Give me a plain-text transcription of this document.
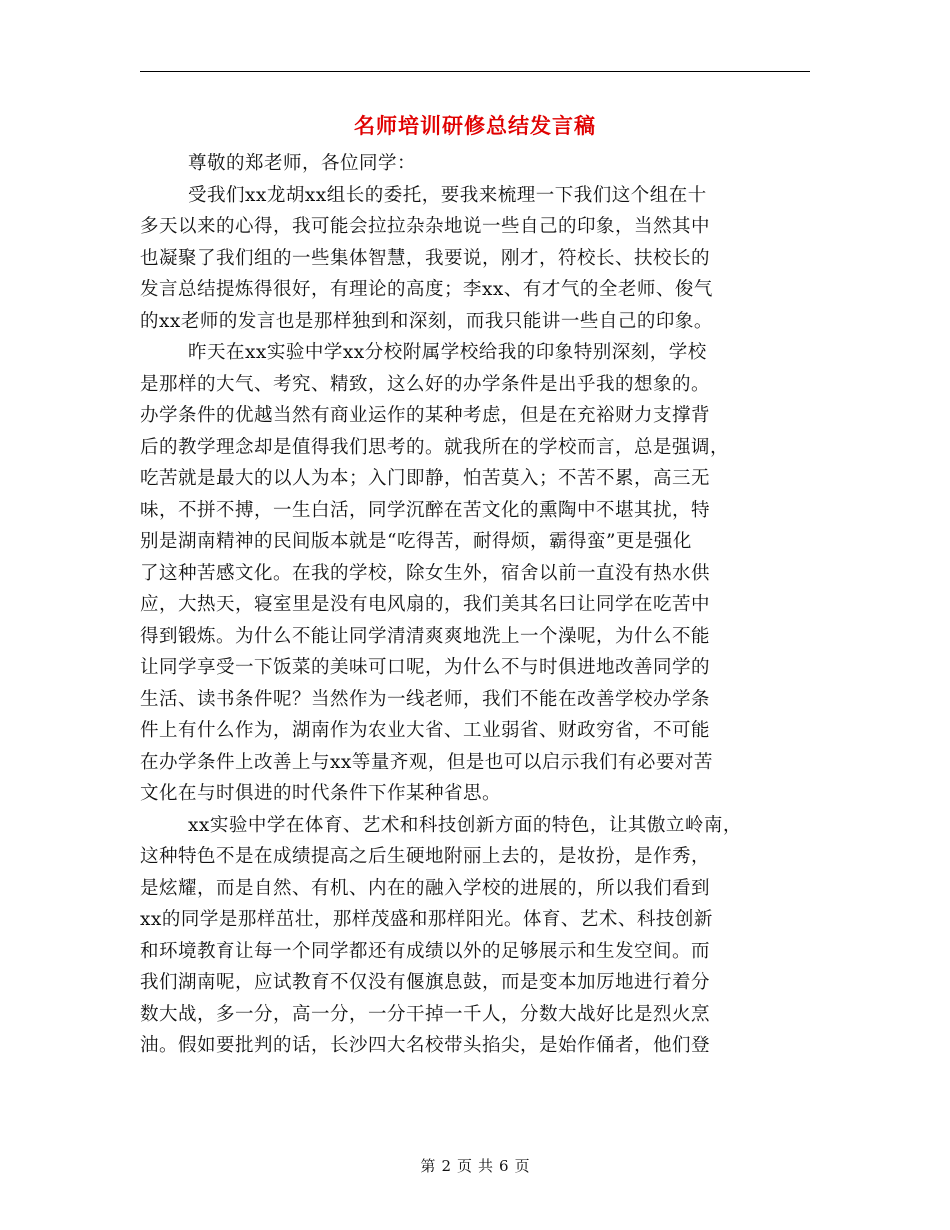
名师培训研修总结发言稿

尊敬的郑老师，各位同学：

受我们xx龙胡xx组长的委托，要我来梳理一下我们这个组在十
多天以来的心得，我可能会拉拉杂杂地说一些自己的印象，当然其中
也凝聚了我们组的一些集体智慧，我要说，刚才，符校长、扶校长的
发言总结提炼得很好，有理论的高度；李xx、有才气的全老师、俊气
的xx老师的发言也是那样独到和深刻，而我只能讲一些自己的印象。

昨天在xx实验中学xx分校附属学校给我的印象特别深刻，学校
是那样的大气、考究、精致，这么好的办学条件是出乎我的想象的。
办学条件的优越当然有商业运作的某种考虑，但是在充裕财力支撑背
后的教学理念却是值得我们思考的。就我所在的学校而言，总是强调，
吃苦就是最大的以人为本；入门即静，怕苦莫入；不苦不累，高三无
味，不拼不搏，一生白活，同学沉醉在苦文化的熏陶中不堪其扰，特
别是湖南精神的民间版本就是“吃得苦，耐得烦，霸得蛮”更是强化
了这种苦感文化。在我的学校，除女生外，宿舍以前一直没有热水供
应，大热天，寝室里是没有电风扇的，我们美其名曰让同学在吃苦中
得到锻炼。为什么不能让同学清清爽爽地洗上一个澡呢，为什么不能
让同学享受一下饭菜的美味可口呢，为什么不与时俱进地改善同学的
生活、读书条件呢？当然作为一线老师，我们不能在改善学校办学条
件上有什么作为，湖南作为农业大省、工业弱省、财政穷省，不可能
在办学条件上改善上与xx等量齐观，但是也可以启示我们有必要对苦
文化在与时俱进的时代条件下作某种省思。

xx实验中学在体育、艺术和科技创新方面的特色，让其傲立岭南，
这种特色不是在成绩提高之后生硬地附丽上去的，是妆扮，是作秀，
是炫耀，而是自然、有机、内在的融入学校的进展的，所以我们看到
xx的同学是那样茁壮，那样茂盛和那样阳光。体育、艺术、科技创新
和环境教育让每一个同学都还有成绩以外的足够展示和生发空间。而
我们湖南呢，应试教育不仅没有偃旗息鼓，而是变本加厉地进行着分
数大战，多一分，高一分，一分干掉一千人，分数大战好比是烈火烹
油。假如要批判的话，长沙四大名校带头掐尖，是始作俑者，他们登

第 2 页 共 6 页
